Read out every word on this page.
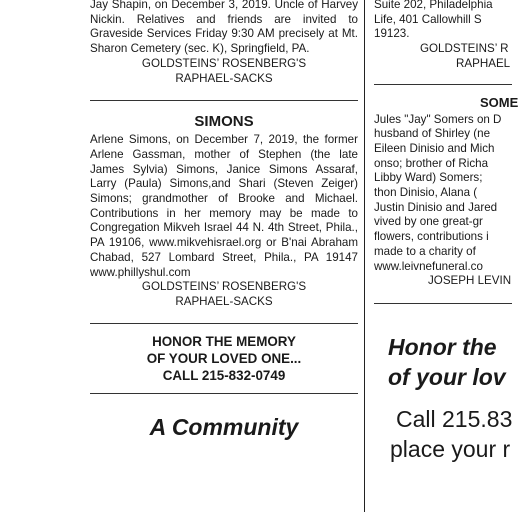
Jay Shapin, on December 3, 2019. Uncle of Harvey Nickin. Relatives and friends are invited to Graveside Services Friday 9:30 AM precisely at Mt. Sharon Cemetery (sec. K), Springfield, PA.

GOLDSTEINS’ ROSENBERG'S

RAPHAEL-SACKS

SIMONS

Arlene Simons, on December 7, 2019, the former Arlene Gassman, mother of Stephen (the late James Sylvia) Simons, Janice Simons Assaraf, Larry (Paula) Simons,and Shari (Steven Zeiger) Simons; grandmother of Brooke and Michael. Contributions in her memory may be made to Congregation Mikveh Israel 44 N. 4th Street, Phila., PA 19106, www.mikvehisrael.org or B'nai Abraham Chabad, 527 Lombard Street, Phila., PA 19147 www.phillyshul.com

GOLDSTEINS’ ROSENBERG'S

RAPHAEL-SACKS

HONOR THE MEMORY

OF YOUR LOVED ONE...

CALL 215-832-0749

A Community

Suite 202, Philadelphia

Life, 401 Callowhill S

19123.

GOLDSTEINS’ R

RAPHAEL

SOME

Jules "Jay" Somers on D

husband of Shirley (ne

Eileen Dinisio and Mich

onso; brother of Richa

Libby Ward) Somers;

thon Dinisio, Alana (

Justin Dinisio and Jared

vived by one great-gr

flowers, contributions i

made to a charity of

www.leivnefuneral.co

JOSEPH LEVIN

Honor the

of your lov

Call 215.83

place your r
